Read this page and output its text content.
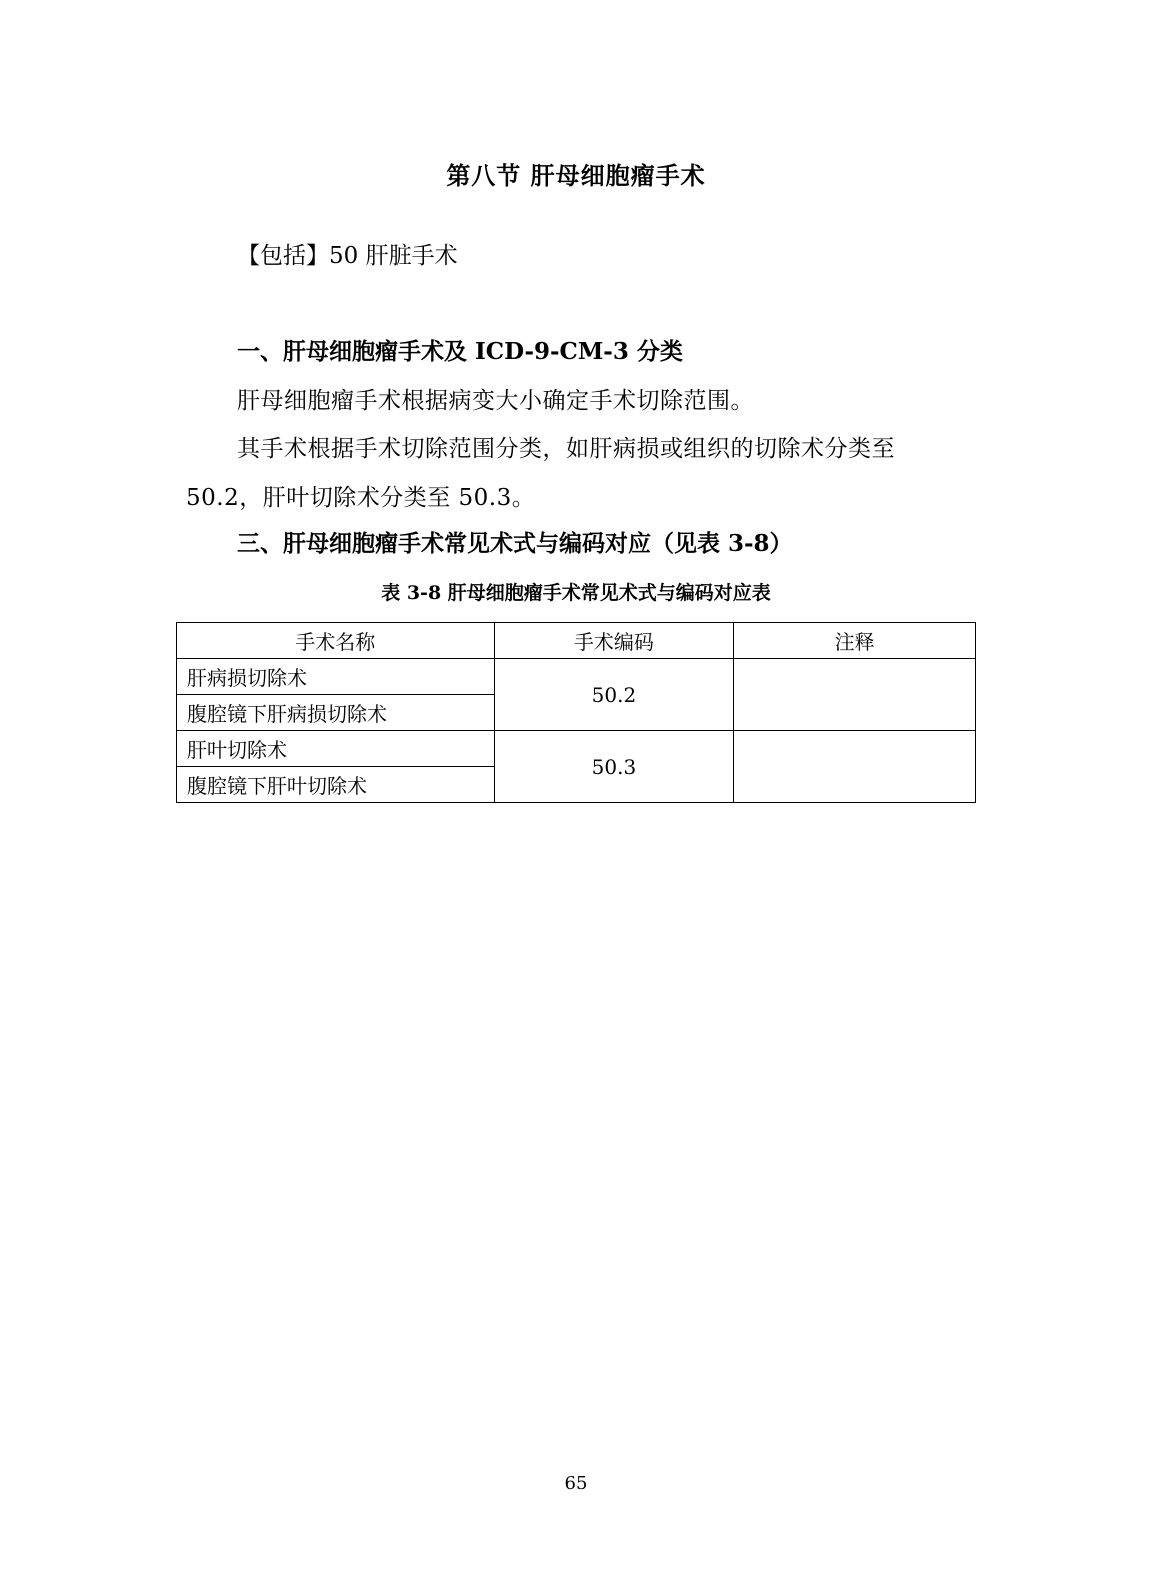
第八节 肝母细胞瘤手术
【包括】50 肝脏手术
一、肝母细胞瘤手术及 ICD-9-CM-3 分类
肝母细胞瘤手术根据病变大小确定手术切除范围。
其手术根据手术切除范围分类，如肝病损或组织的切除术分类至
50.2，肝叶切除术分类至 50.3。
三、肝母细胞瘤手术常见术式与编码对应（见表 3-8）
表 3-8 肝母细胞瘤手术常见术式与编码对应表
手术名称	手术编码	注释
肝病损切除术	50.2	
腹腔镜下肝病损切除术		
肝叶切除术	50.3	
腹腔镜下肝叶切除术		
65
